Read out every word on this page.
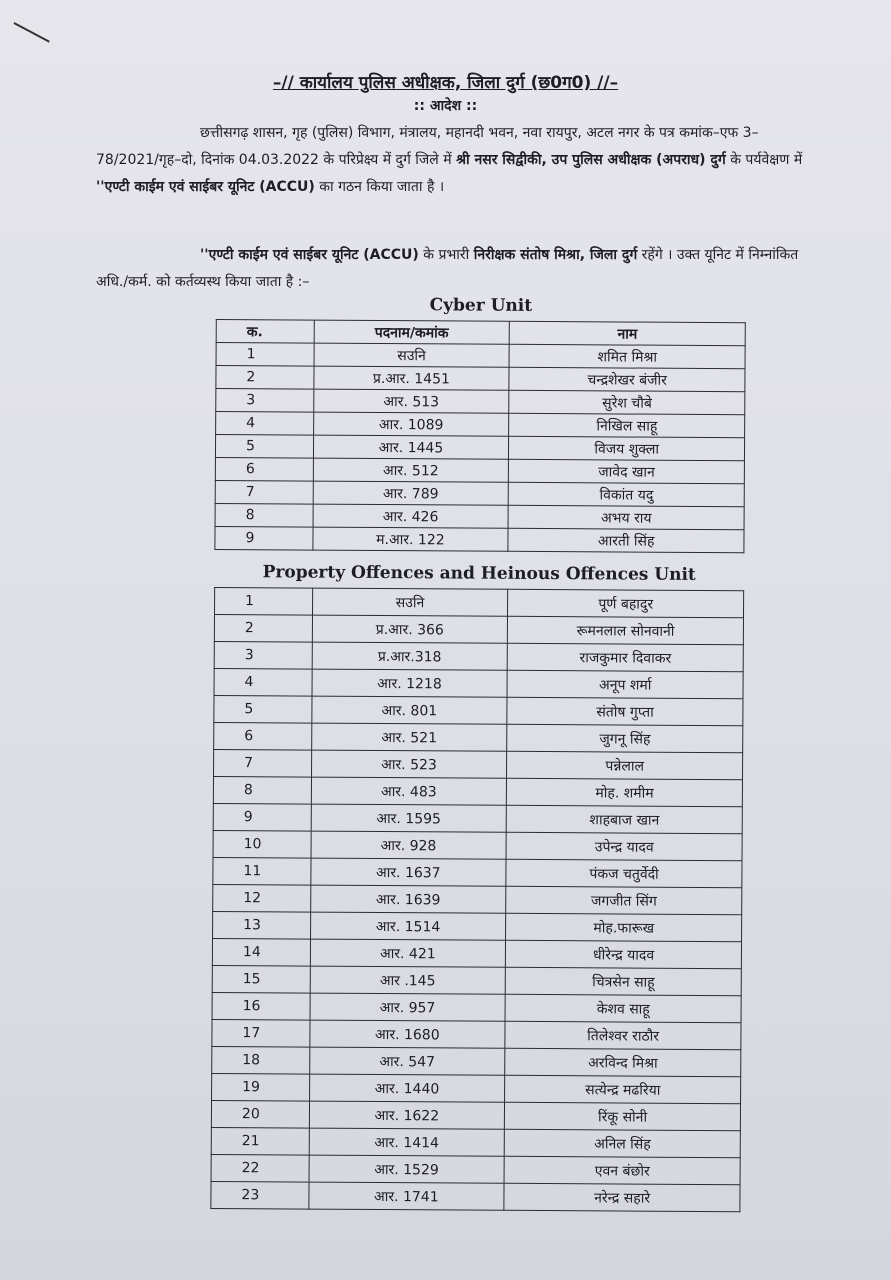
–// कार्यालय पुलिस अधीक्षक, जिला दुर्ग (छ0ग0) //–
:: आदेश ::
छत्तीसगढ़ शासन, गृह (पुलिस) विभाग, मंत्रालय, महानदी भवन, नवा रायपुर, अटल नगर के पत्र कमांक–एफ 3–78/2021/गृह–दो, दिनांक 04.03.2022 के परिप्रेक्ष्य में दुर्ग जिले में श्री नसर सिद्वीकी, उप पुलिस अधीक्षक (अपराध) दुर्ग के पर्यवेक्षण में ''एण्टी काईम एवं साईबर यूनिट (ACCU) का गठन किया जाता है ।
''एण्टी काईम एवं साईबर यूनिट (ACCU) के प्रभारी निरीक्षक संतोष मिश्रा, जिला दुर्ग रहेंगे । उक्त यूनिट में निम्नांकित अधि./कर्म. को कर्तव्यस्थ किया जाता है :–
Cyber Unit
क.	पदनाम/कमांक	नाम
1	सउनि	शमित मिश्रा
2	प्र.आर. 1451	चन्द्रशेखर बंजीर
3	आर. 513	सुरेश चौबे
4	आर. 1089	निखिल साहू
5	आर. 1445	विजय शुक्ला
6	आर. 512	जावेद खान
7	आर. 789	विकांत यदु
8	आर. 426	अभय राय
9	म.आर. 122	आरती सिंह
Property Offences and Heinous Offences Unit
1	सउनि	पूर्ण बहादुर
2	प्र.आर. 366	रूमनलाल सोनवानी
3	प्र.आर.318	राजकुमार दिवाकर
4	आर. 1218	अनूप शर्मा
5	आर. 801	संतोष गुप्ता
6	आर. 521	जुगनू सिंह
7	आर. 523	पन्नेलाल
8	आर. 483	मोह. शमीम
9	आर. 1595	शाहबाज खान
10	आर. 928	उपेन्द्र यादव
11	आर. 1637	पंकज चतुर्वेदी
12	आर. 1639	जगजीत सिंग
13	आर. 1514	मोह.फारूख
14	आर. 421	धीरेन्द्र यादव
15	आर .145	चित्रसेन साहू
16	आर. 957	केशव साहू
17	आर. 1680	तिलेश्वर राठौर
18	आर. 547	अरविन्द मिश्रा
19	आर. 1440	सत्येन्द्र मढरिया
20	आर. 1622	रिंकू सोनी
21	आर. 1414	अनिल सिंह
22	आर. 1529	एवन बंछोर
23	आर. 1741	नरेन्द्र सहारे
